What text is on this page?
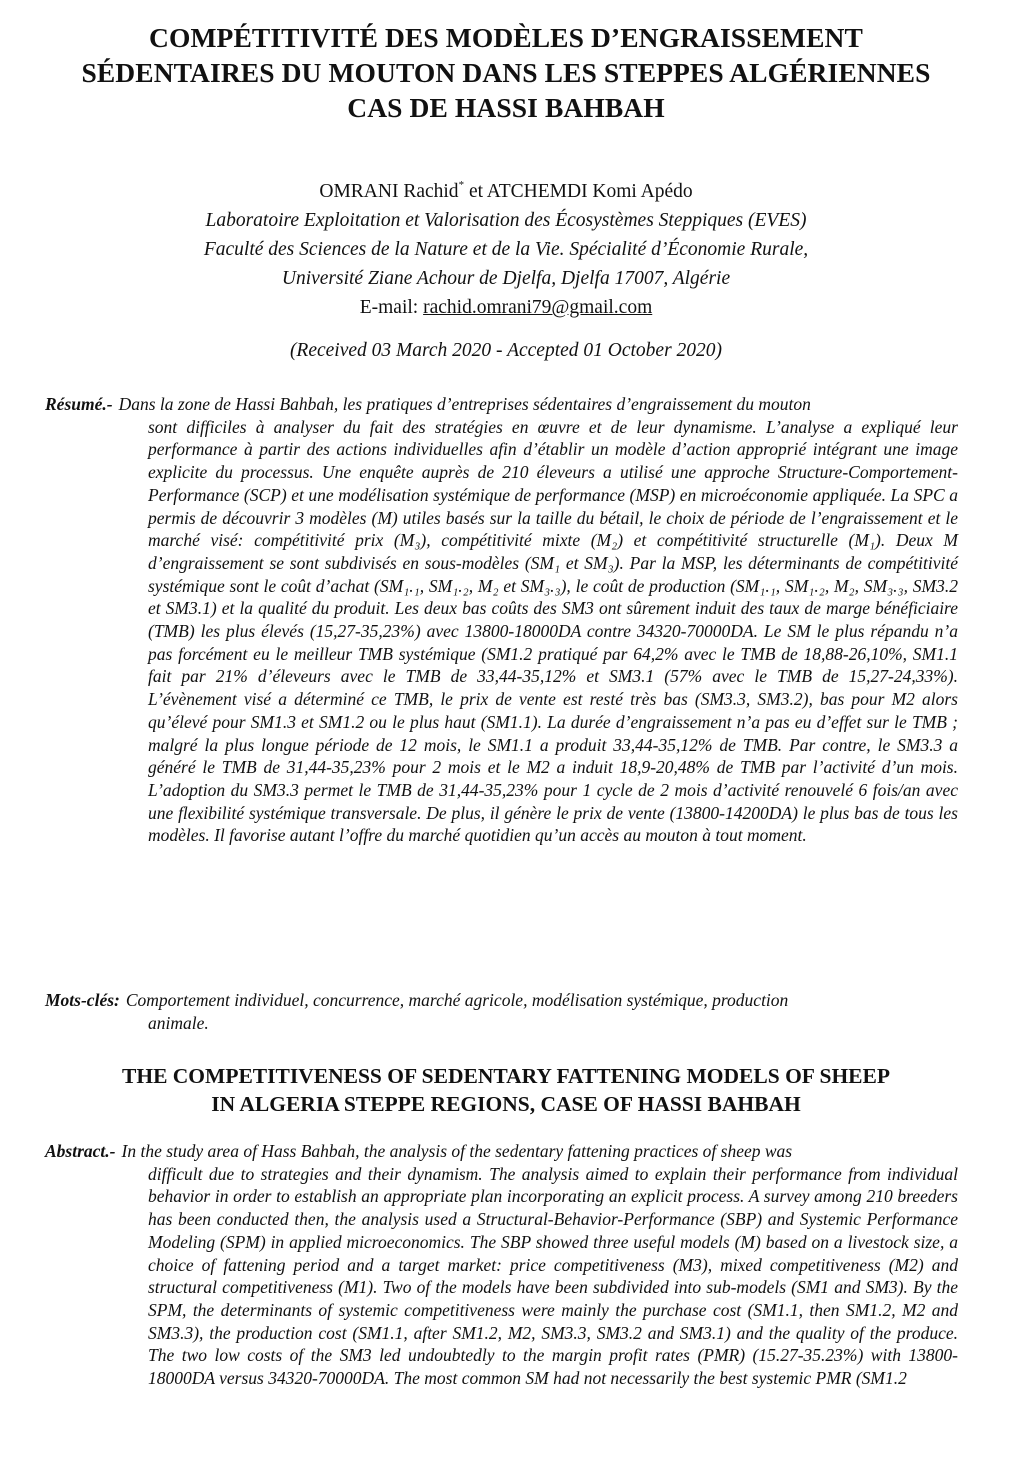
COMPÉTITIVITÉ DES MODÈLES D’ENGRAISSEMENT
SÉDENTAIRES DU MOUTON DANS LES STEPPES ALGÉRIENNES
CAS DE HASSI BAHBAH
OMRANI Rachid* et ATCHEMDI Komi Apédo
Laboratoire Exploitation et Valorisation des Écosystèmes Steppiques (EVES)
Faculté des Sciences de la Nature et de la Vie. Spécialité d’Économie Rurale,
Université Ziane Achour de Djelfa, Djelfa 17007, Algérie
E-mail: rachid.omrani79@gmail.com
(Received 03 March 2020 - Accepted 01 October 2020)
Résumé.- Dans la zone de Hassi Bahbah, les pratiques d’entreprises sédentaires d’engraissement du mouton
sont difficiles à analyser du fait des stratégies en œuvre et de leur dynamisme. L’analyse a expliqué leur performance à partir des actions individuelles afin d’établir un modèle d’action approprié intégrant une image explicite du processus. Une enquête auprès de 210 éleveurs a utilisé une approche Structure-Comportement-Performance (SCP) et une modélisation systémique de performance (MSP) en microéconomie appliquée. La SPC a permis de découvrir 3 modèles (M) utiles basés sur la taille du bétail, le choix de période de l’engraissement et le marché visé: compétitivité prix (M₃), compétitivité mixte (M₂) et compétitivité structurelle (M₁). Deux M d’engraissement se sont subdivisés en sous-modèles (SM₁ et SM₃). Par la MSP, les déterminants de compétitivité systémique sont le coût d’achat (SM₁.₁, SM₁.₂, M₂ et SM₃.₃), le coût de production (SM₁.₁, SM₁.₂, M₂, SM₃.₃, SM3.2 et SM3.1) et la qualité du produit. Les deux bas coûts des SM3 ont sûrement induit des taux de marge bénéficiaire (TMB) les plus élevés (15,27-35,23%) avec 13800-18000DA contre 34320-70000DA. Le SM le plus répandu n’a pas forcément eu le meilleur TMB systémique (SM1.2 pratiqué par 64,2% avec le TMB de 18,88-26,10%, SM1.1 fait par 21% d’éleveurs avec le TMB de 33,44-35,12% et SM3.1 (57% avec le TMB de 15,27-24,33%). L’évènement visé a déterminé ce TMB, le prix de vente est resté très bas (SM3.3, SM3.2), bas pour M2 alors qu’élevé pour SM1.3 et SM1.2 ou le plus haut (SM1.1). La durée d’engraissement n’a pas eu d’effet sur le TMB ; malgré la plus longue période de 12 mois, le SM1.1 a produit 33,44-35,12% de TMB. Par contre, le SM3.3 a généré le TMB de 31,44-35,23% pour 2 mois et le M2 a induit 18,9-20,48% de TMB par l’activité d’un mois. L’adoption du SM3.3 permet le TMB de 31,44-35,23% pour 1 cycle de 2 mois d’activité renouvelé 6 fois/an avec une flexibilité systémique transversale. De plus, il génère le prix de vente (13800-14200DA) le plus bas de tous les modèles. Il favorise autant l’offre du marché quotidien qu’un accès au mouton à tout moment.
Mots-clés: Comportement individuel, concurrence, marché agricole, modélisation systémique, production
animale.
THE COMPETITIVENESS OF SEDENTARY FATTENING MODELS OF SHEEP
IN ALGERIA STEPPE REGIONS, CASE OF HASSI BAHBAH
Abstract.- In the study area of Hass Bahbah, the analysis of the sedentary fattening practices of sheep was
difficult due to strategies and their dynamism. The analysis aimed to explain their performance from individual behavior in order to establish an appropriate plan incorporating an explicit process. A survey among 210 breeders has been conducted then, the analysis used a Structural-Behavior-Performance (SBP) and Systemic Performance Modeling (SPM) in applied microeconomics. The SBP showed three useful models (M) based on a livestock size, a choice of fattening period and a target market: price competitiveness (M3), mixed competitiveness (M2) and structural competitiveness (M1). Two of the models have been subdivided into sub-models (SM1 and SM3). By the SPM, the determinants of systemic competitiveness were mainly the purchase cost (SM1.1, then SM1.2, M2 and SM3.3), the production cost (SM1.1, after SM1.2, M2, SM3.3, SM3.2 and SM3.1) and the quality of the produce. The two low costs of the SM3 led undoubtedly to the margin profit rates (PMR) (15.27-35.23%) with 13800-18000DA versus 34320-70000DA. The most common SM had not necessarily the best systemic PMR (SM1.2
